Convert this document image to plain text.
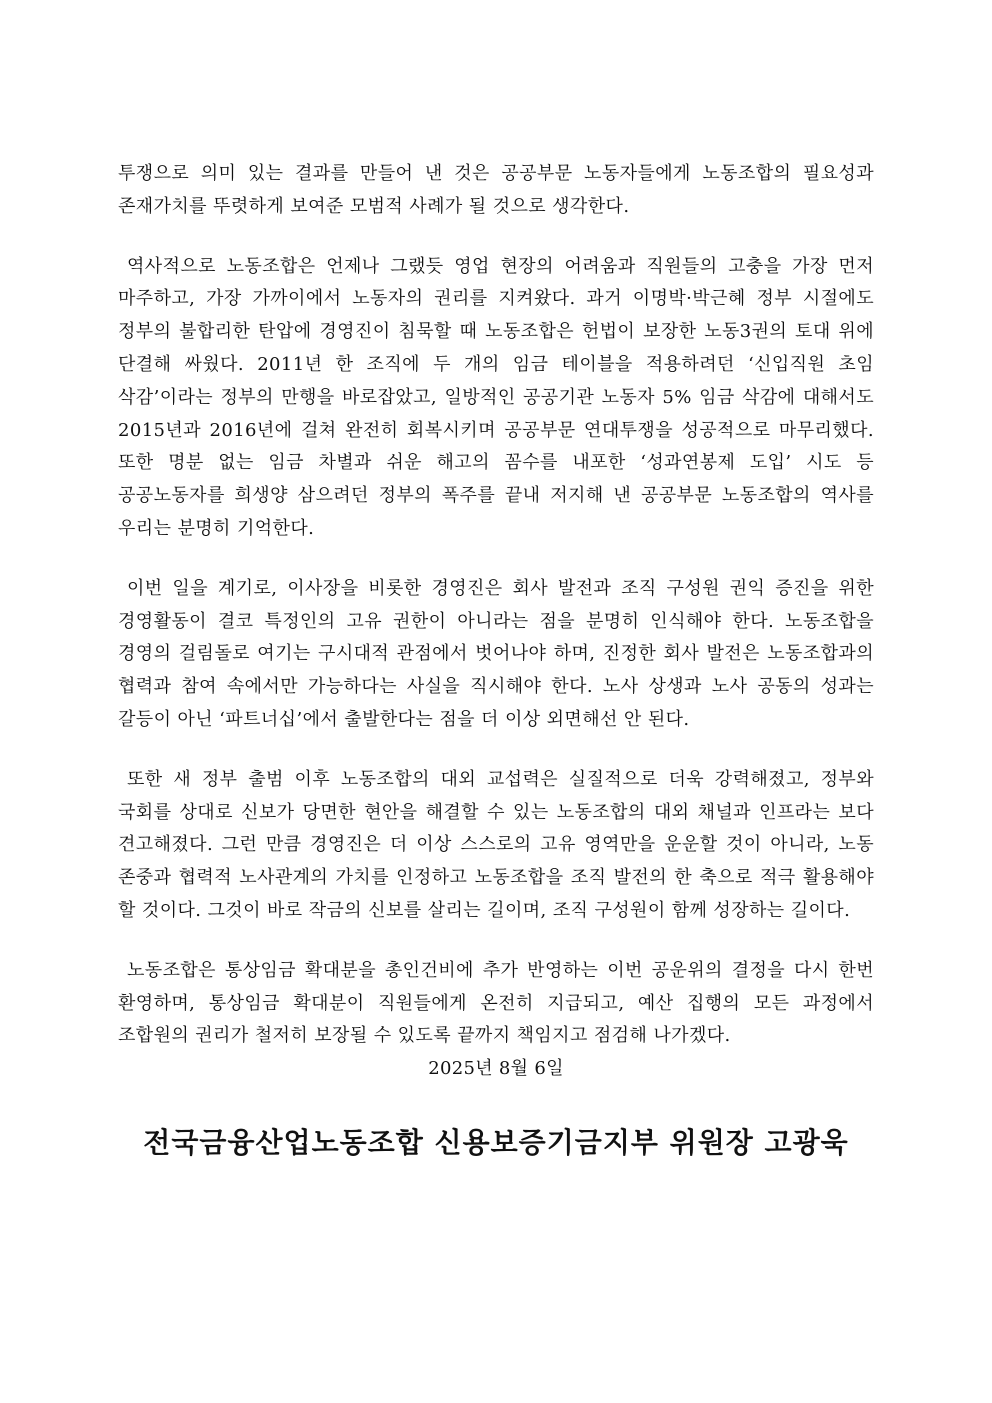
투쟁으로 의미 있는 결과를 만들어 낸 것은 공공부문 노동자들에게 노동조합의 필요성과 존재가치를 뚜렷하게 보여준 모범적 사례가 될 것으로 생각한다.

역사적으로 노동조합은 언제나 그랬듯 영업 현장의 어려움과 직원들의 고충을 가장 먼저 마주하고, 가장 가까이에서 노동자의 권리를 지켜왔다. 과거 이명박·박근혜 정부 시절에도 정부의 불합리한 탄압에 경영진이 침묵할 때 노동조합은 헌법이 보장한 노동3권의 토대 위에 단결해 싸웠다. 2011년 한 조직에 두 개의 임금 테이블을 적용하려던 ‘신입직원 초임 삭감’이라는 정부의 만행을 바로잡았고, 일방적인 공공기관 노동자 5% 임금 삭감에 대해서도 2015년과 2016년에 걸쳐 완전히 회복시키며 공공부문 연대투쟁을 성공적으로 마무리했다. 또한 명분 없는 임금 차별과 쉬운 해고의 꼼수를 내포한 ‘성과연봉제 도입’ 시도 등 공공노동자를 희생양 삼으려던 정부의 폭주를 끝내 저지해 낸 공공부문 노동조합의 역사를 우리는 분명히 기억한다.

이번 일을 계기로, 이사장을 비롯한 경영진은 회사 발전과 조직 구성원 권익 증진을 위한 경영활동이 결코 특정인의 고유 권한이 아니라는 점을 분명히 인식해야 한다. 노동조합을 경영의 걸림돌로 여기는 구시대적 관점에서 벗어나야 하며, 진정한 회사 발전은 노동조합과의 협력과 참여 속에서만 가능하다는 사실을 직시해야 한다. 노사 상생과 노사 공동의 성과는 갈등이 아닌 ‘파트너십’에서 출발한다는 점을 더 이상 외면해선 안 된다.

또한 새 정부 출범 이후 노동조합의 대외 교섭력은 실질적으로 더욱 강력해졌고, 정부와 국회를 상대로 신보가 당면한 현안을 해결할 수 있는 노동조합의 대외 채널과 인프라는 보다 견고해졌다. 그런 만큼 경영진은 더 이상 스스로의 고유 영역만을 운운할 것이 아니라, 노동 존중과 협력적 노사관계의 가치를 인정하고 노동조합을 조직 발전의 한 축으로 적극 활용해야 할 것이다. 그것이 바로 작금의 신보를 살리는 길이며, 조직 구성원이 함께 성장하는 길이다.

노동조합은 통상임금 확대분을 총인건비에 추가 반영하는 이번 공운위의 결정을 다시 한번 환영하며, 통상임금 확대분이 직원들에게 온전히 지급되고, 예산 집행의 모든 과정에서 조합원의 권리가 철저히 보장될 수 있도록 끝까지 책임지고 점검해 나가겠다.

2025년 8월 6일
전국금융산업노동조합 신용보증기금지부 위원장 고광욱
